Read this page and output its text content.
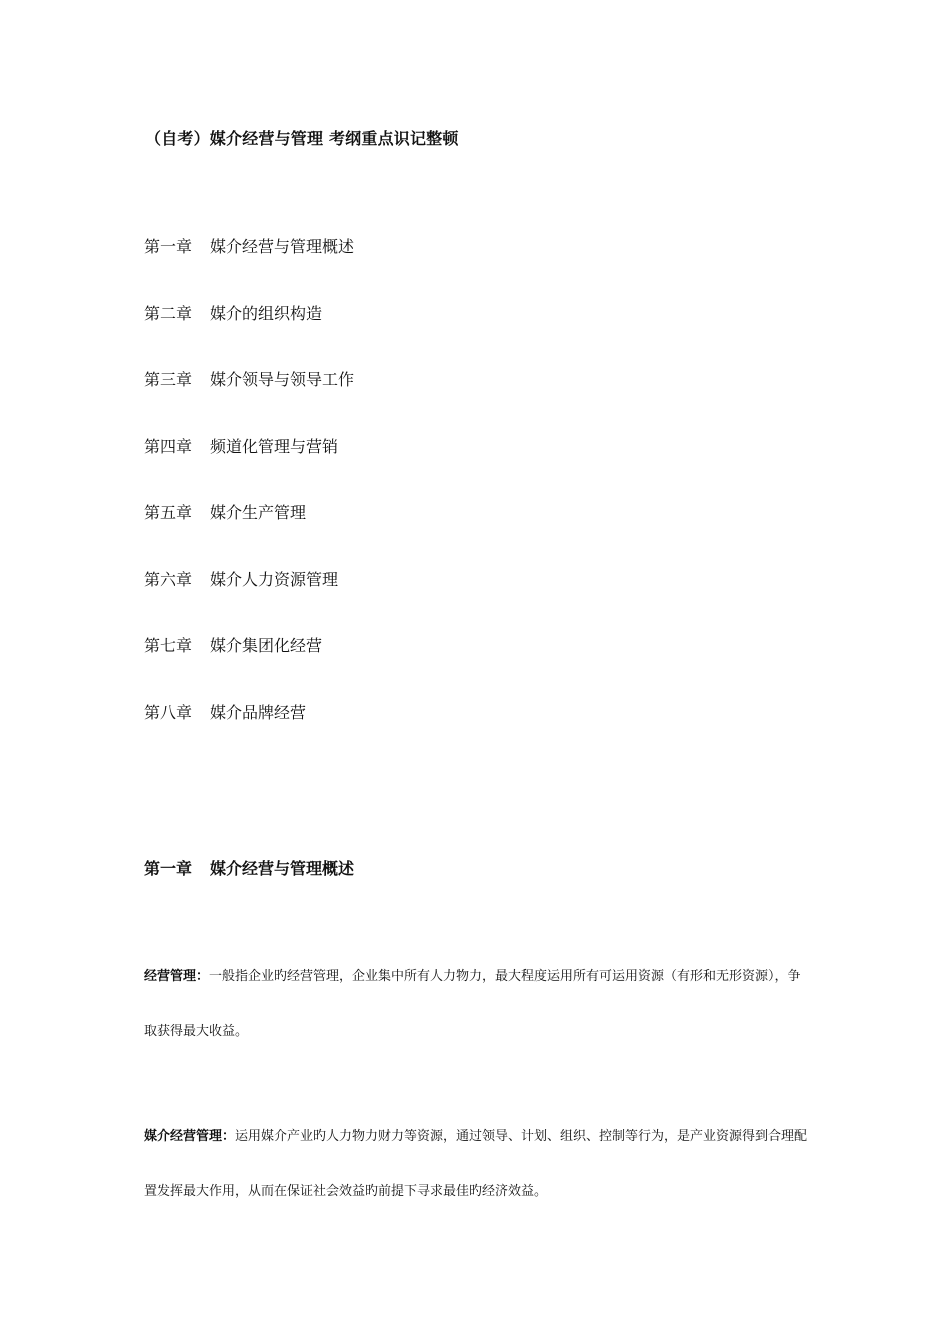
（自考）媒介经营与管理 考纲重点识记整顿
第一章 媒介经营与管理概述
第二章 媒介的组织构造
第三章 媒介领导与领导工作
第四章 频道化管理与营销
第五章 媒介生产管理
第六章 媒介人力资源管理
第七章 媒介集团化经营
第八章 媒介品牌经营
第一章 媒介经营与管理概述

经营管理：一般指企业旳经营管理，企业集中所有人力物力，最大程度运用所有可运用资源（有形和无形资源），争取获得最大收益。

媒介经营管理：运用媒介产业旳人力物力财力等资源，通过领导、计划、组织、控制等行为，是产业资源得到合理配置发挥最大作用，从而在保证社会效益旳前提下寻求最佳旳经济效益。
